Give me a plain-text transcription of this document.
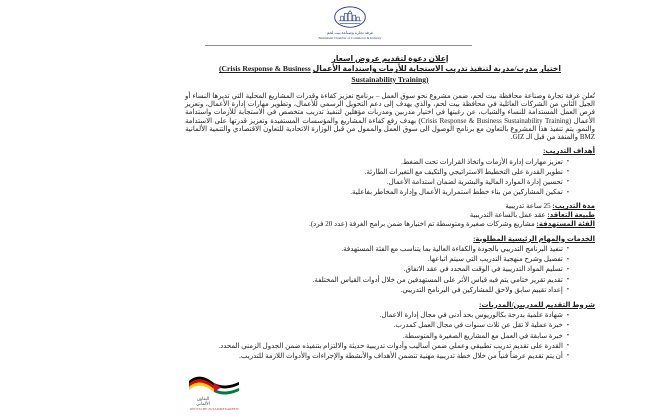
غرفة تجارة وصناعة بيت لحم
Bethlehem Chamber of Commerce & Industry
إعلان دعوة لتقديم عروض اسعار
اختيار مدرب/مدربة لتنفيذ تدريب الاستجابة للأزمات واستدامة الأعمال (Crisis Response & Business
Sustainability Training)

تُعلن غرفة تجارة وصناعة محافظة بيت لحم، ضمن مشروع نحو سوق العمل – برنامج تعزيز كفاءة وقدرات المشاريع المحلية التي تديرها النساء أو الجيل الثاني من الشركات العائلية في محافظة بيت لحم، والذي يهدف إلى دعم التحويل الرسمي للأعمال، وتطوير مهارات إدارة الأعمال، وتعزيز فرص العمل المستدامة للنساء والشباب، عن رغبتها في اختيار مدربين ومدربات مؤهلين لتنفيذ تدريب متخصص في الاستجابة للأزمات واستدامة الأعمال (Crisis Response & Business Sustainability Training) بهدف رفع كفاءة المشاريع والمؤسسات المستفيدة وتعزيز قدرتها على الاستدامة والنمو. يتم تنفيذ هذا المشروع بالتعاون مع برنامج الوصول الى سوق العمل والممول من قبل الوزارة الاتحادية للتعاون الاقتصادي والتنمية الألمانية BMZ والمنفذ من قبل الـ GIZ.

أهداف التدريب:
• تعزيز مهارات إدارة الأزمات واتخاذ القرارات تحت الضغط.
• تطوير القدرة على التخطيط الاستراتيجي والتكيف مع التغيرات الطارئة.
• تحسين إدارة الموارد المالية والبشرية لضمان استدامة الأعمال.
• تمكين المشاركين من بناء خطط استمرارية الأعمال وإدارة المخاطر بفاعلية.
مدة التدريب: 25 ساعة تدريبية
طبيعة التعاقد: عقد عمل بالساعة التدريبية
الفئة المستهدفة: مشاريع وشركات صغيرة ومتوسطة تم اختيارها ضمن برامج الغرفة (عدد 20 فرد).
الخدمات والمهام الرئيسية المطلوبة:
• تنفيذ البرنامج التدريبي بالجودة والكفاءة العالية بما يتناسب مع الفئة المستهدفة.
• تفصيل وشرح منهجية التدريب التي سيتم اتباعها.
• تسليم المواد التدريبية في الوقت المحدد في عقد الاتفاق.
• تقديم تقرير ختامي يتم فيه قياس الأثر على المستهدفين من خلال أدوات القياس المختلفة.
• إعداد تقييم سابق ولاحق للمشاركين في البرنامج التدريبي.
شروط التقديم للمدربين/المدربات:
• شهادة علمية بدرجة بكالوريوس بحد أدنى في مجال إدارة الاعمال.
• خبرة عملية لا تقل عن ثلاث سنوات في مجال العمل كمدرب.
• خبرة سابقة في العمل مع المشاريع الصغيرة والمتوسطة.
• القدرة على تقديم تدريب تطبيقي وعملي ضمن أساليب وأدوات تدريبية حديثة والالتزام بتنفيذه ضمن الجدول الزمني المحدد.
• أن يتم تقديم عرضاً فنياً من خلال خطة تدريبية مهنية تتضمن الأهداف والأنشطة والإجراءات والأدوات اللازمة للتدريب.
التعاون الألماني
DEUTSCHE ZUSAMMENARBEIT
